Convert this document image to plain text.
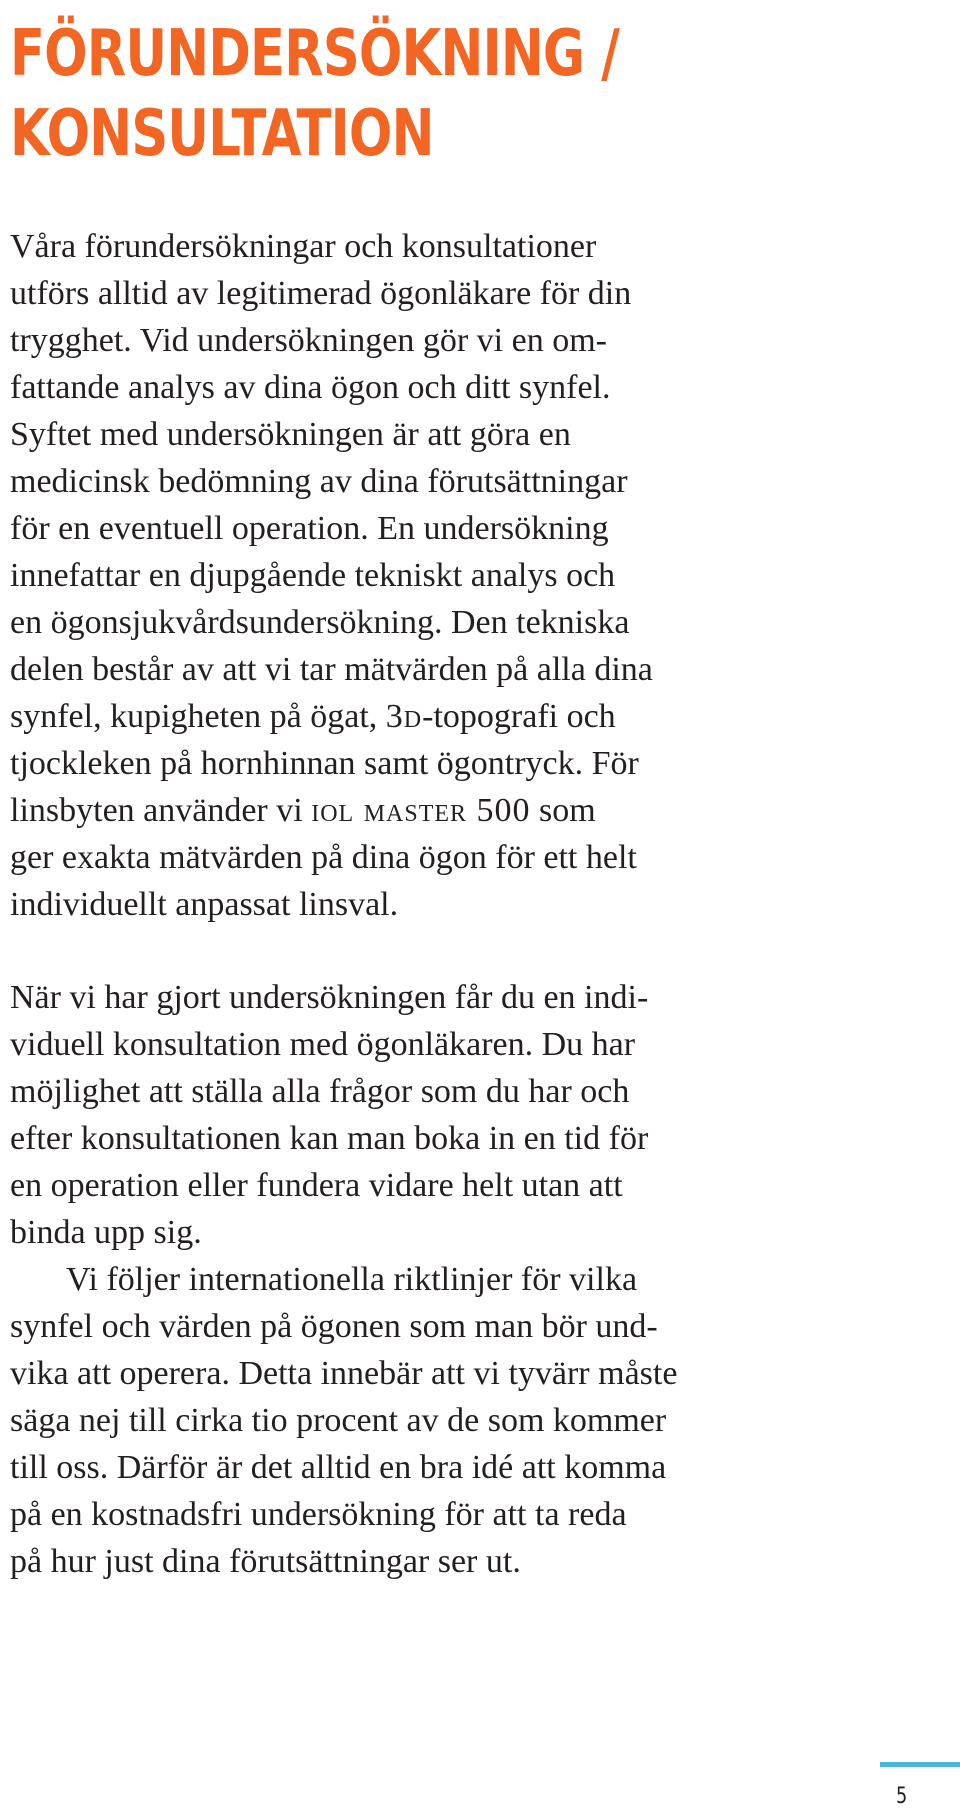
FÖRUNDERSÖKNING /
KONSULTATION
Våra förundersökningar och konsultationer
utförs alltid av legitimerad ögonläkare för din
trygghet. Vid undersökningen gör vi en om-
fattande analys av dina ögon och ditt synfel.
Syftet med undersökningen är att göra en
medicinsk bedömning av dina förutsättningar
för en eventuell operation. En undersökning
innefattar en djupgående tekniskt analys och
en ögonsjukvårdsundersökning. Den tekniska
delen består av att vi tar mätvärden på alla dina
synfel, kupigheten på ögat, 3d-topografi och
tjockleken på hornhinnan samt ögontryck. För
linsbyten använder vi iol master 500 som
ger exakta mätvärden på dina ögon för ett helt
individuellt anpassat linsval.
När vi har gjort undersökningen får du en indi-
viduell konsultation med ögonläkaren. Du har
möjlighet att ställa alla frågor som du har och
efter konsultationen kan man boka in en tid för
en operation eller fundera vidare helt utan att
binda upp sig.
Vi följer internationella riktlinjer för vilka
synfel och värden på ögonen som man bör und-
vika att operera. Detta innebär att vi tyvärr måste
säga nej till cirka tio procent av de som kommer
till oss. Därför är det alltid en bra idé att komma
på en kostnadsfri undersökning för att ta reda
på hur just dina förutsättningar ser ut.
5
